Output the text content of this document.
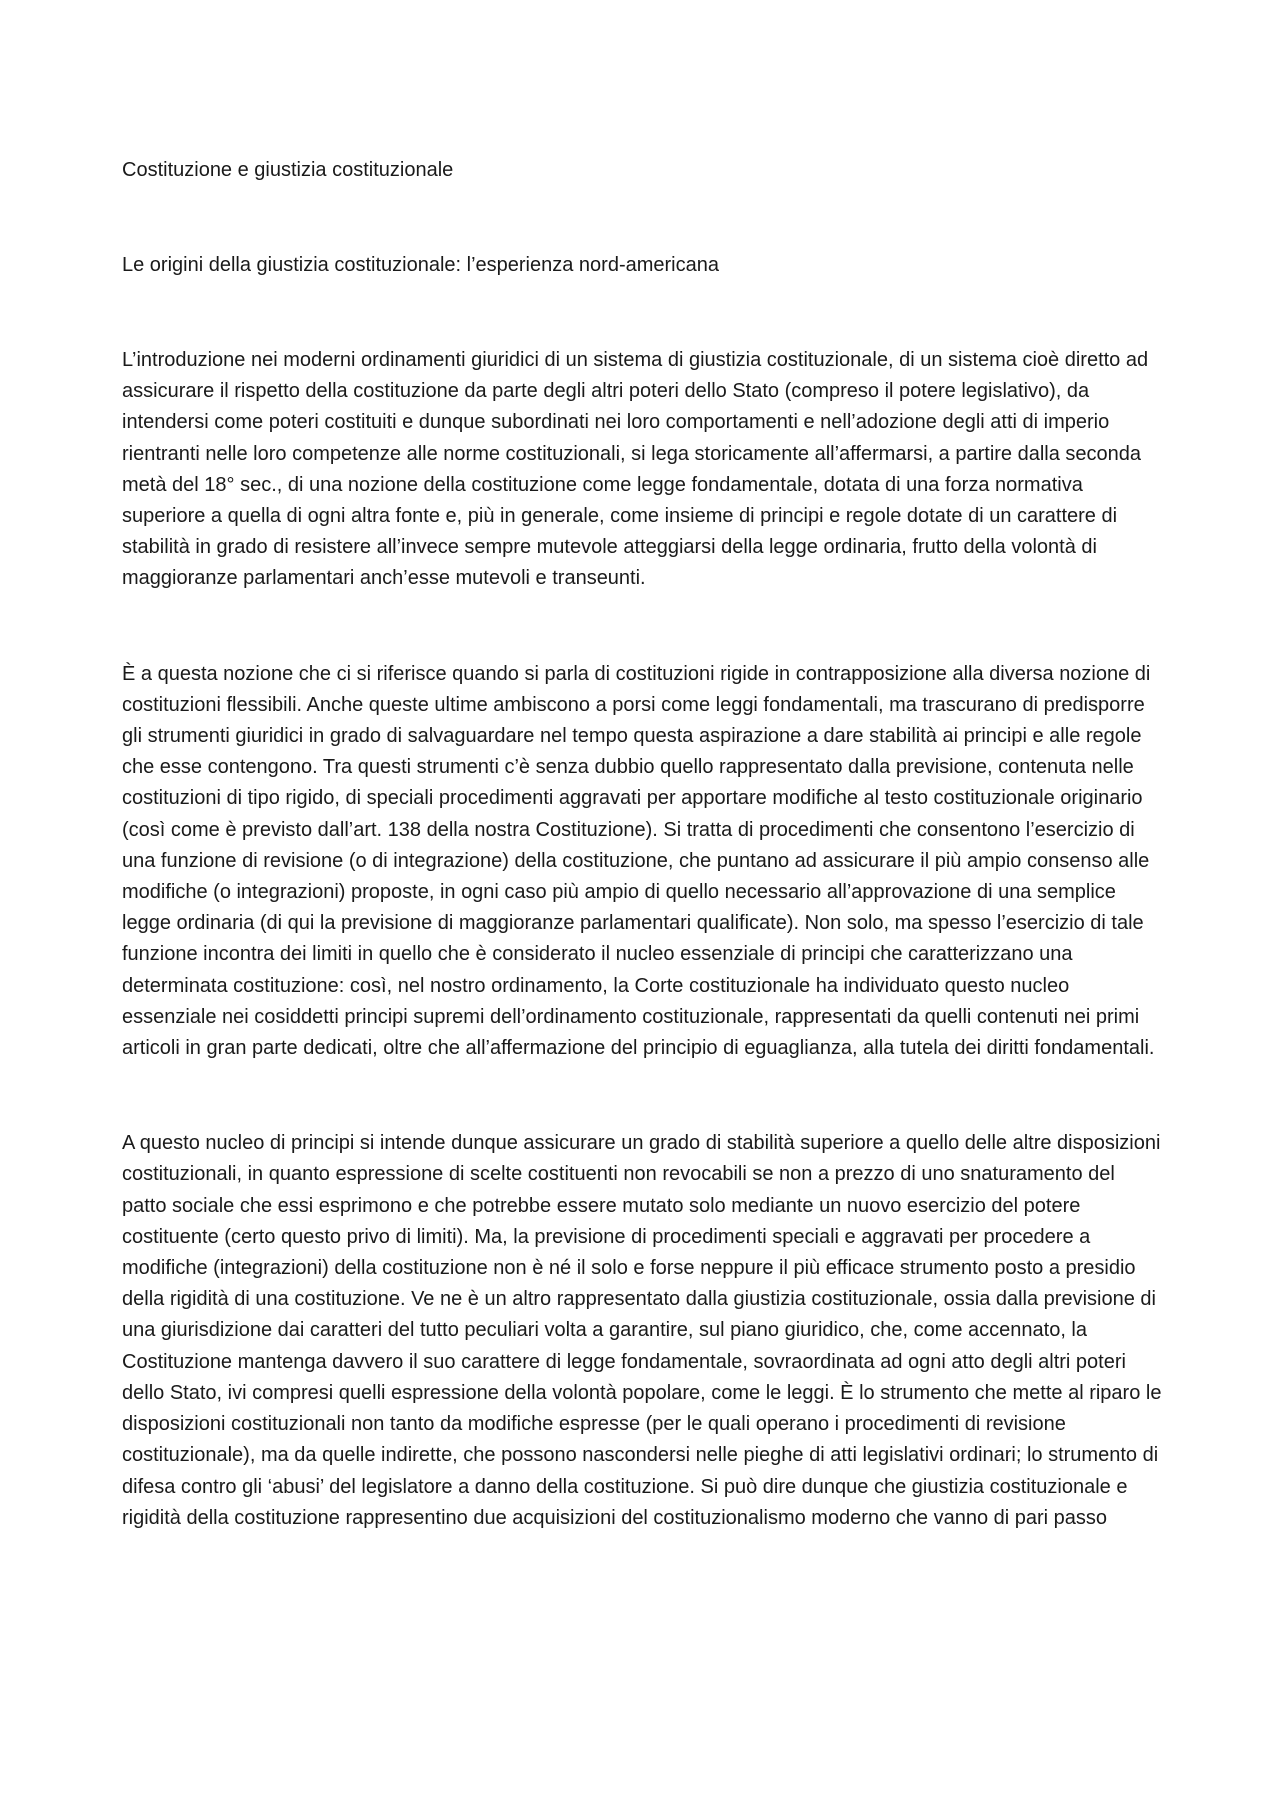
Costituzione e giustizia costituzionale

Le origini della giustizia costituzionale: l’esperienza nord-americana

L’introduzione nei moderni ordinamenti giuridici di un sistema di giustizia costituzionale, di un sistema cioè diretto ad assicurare il rispetto della costituzione da parte degli altri poteri dello Stato (compreso il potere legislativo), da intendersi come poteri costituiti e dunque subordinati nei loro comportamenti e nell’adozione degli atti di imperio rientranti nelle loro competenze alle norme costituzionali, si lega storicamente all’affermarsi, a partire dalla seconda metà del 18° sec., di una nozione della costituzione come legge fondamentale, dotata di una forza normativa superiore a quella di ogni altra fonte e, più in generale, come insieme di principi e regole dotate di un carattere di stabilità in grado di resistere all’invece sempre mutevole atteggiarsi della legge ordinaria, frutto della volontà di maggioranze parlamentari anch’esse mutevoli e transeunti.

È a questa nozione che ci si riferisce quando si parla di costituzioni rigide in contrapposizione alla diversa nozione di costituzioni flessibili. Anche queste ultime ambiscono a porsi come leggi fondamentali, ma trascurano di predisporre gli strumenti giuridici in grado di salvaguardare nel tempo questa aspirazione a dare stabilità ai principi e alle regole che esse contengono. Tra questi strumenti c’è senza dubbio quello rappresentato dalla previsione, contenuta nelle costituzioni di tipo rigido, di speciali procedimenti aggravati per apportare modifiche al testo costituzionale originario (così come è previsto dall’art. 138 della nostra Costituzione). Si tratta di procedimenti che consentono l’esercizio di una funzione di revisione (o di integrazione) della costituzione, che puntano ad assicurare il più ampio consenso alle modifiche (o integrazioni) proposte, in ogni caso più ampio di quello necessario all’approvazione di una semplice legge ordinaria (di qui la previsione di maggioranze parlamentari qualificate). Non solo, ma spesso l’esercizio di tale funzione incontra dei limiti in quello che è considerato il nucleo essenziale di principi che caratterizzano una determinata costituzione: così, nel nostro ordinamento, la Corte costituzionale ha individuato questo nucleo essenziale nei cosiddetti principi supremi dell’ordinamento costituzionale, rappresentati da quelli contenuti nei primi articoli in gran parte dedicati, oltre che all’affermazione del principio di eguaglianza, alla tutela dei diritti fondamentali.

A questo nucleo di principi si intende dunque assicurare un grado di stabilità superiore a quello delle altre disposizioni costituzionali, in quanto espressione di scelte costituenti non revocabili se non a prezzo di uno snaturamento del patto sociale che essi esprimono e che potrebbe essere mutato solo mediante un nuovo esercizio del potere costituente (certo questo privo di limiti). Ma, la previsione di procedimenti speciali e aggravati per procedere a modifiche (integrazioni) della costituzione non è né il solo e forse neppure il più efficace strumento posto a presidio della rigidità di una costituzione. Ve ne è un altro rappresentato dalla giustizia costituzionale, ossia dalla previsione di una giurisdizione dai caratteri del tutto peculiari volta a garantire, sul piano giuridico, che, come accennato, la Costituzione mantenga davvero il suo carattere di legge fondamentale, sovraordinata ad ogni atto degli altri poteri dello Stato, ivi compresi quelli espressione della volontà popolare, come le leggi. È lo strumento che mette al riparo le disposizioni costituzionali non tanto da modifiche espresse (per le quali operano i procedimenti di revisione costituzionale), ma da quelle indirette, che possono nascondersi nelle pieghe di atti legislativi ordinari; lo strumento di difesa contro gli ‘abusi’ del legislatore a danno della costituzione. Si può dire dunque che giustizia costituzionale e rigidità della costituzione rappresentino due acquisizioni del costituzionalismo moderno che vanno di pari passo
